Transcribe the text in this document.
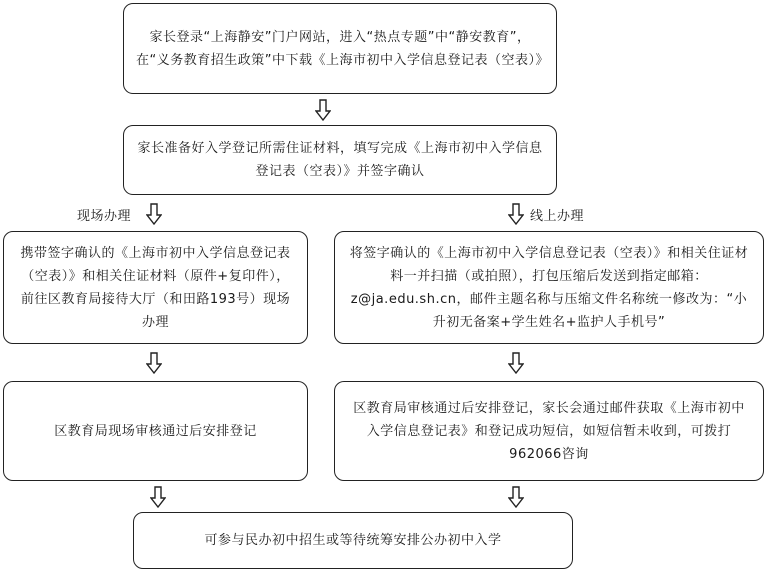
家长登录“上海静安”门户网站，进入“热点专题”中“静安教育”，在“义务教育招生政策”中下载《上海市初中入学信息登记表（空表）》
家长准备好入学登记所需住证材料，填写完成《上海市初中入学信息登记表（空表）》并签字确认
现场办理	线上办理
携带签字确认的《上海市初中入学信息登记表（空表）》和相关住证材料（原件+复印件），前往区教育局接待大厅（和田路193号）现场办理
区教育局现场审核通过后安排登记
将签字确认的《上海市初中入学信息登记表（空表）》和相关住证材料一并扫描（或拍照），打包压缩后发送到指定邮箱：z@ja.edu.sh.cn，邮件主题名称与压缩文件名称统一修改为：“小升初无备案+学生姓名+监护人手机号”
区教育局审核通过后安排登记，家长会通过邮件获取《上海市初中入学信息登记表》和登记成功短信，如短信暂未收到，可拨打962066咨询
可参与民办初中招生或等待统筹安排公办初中入学
